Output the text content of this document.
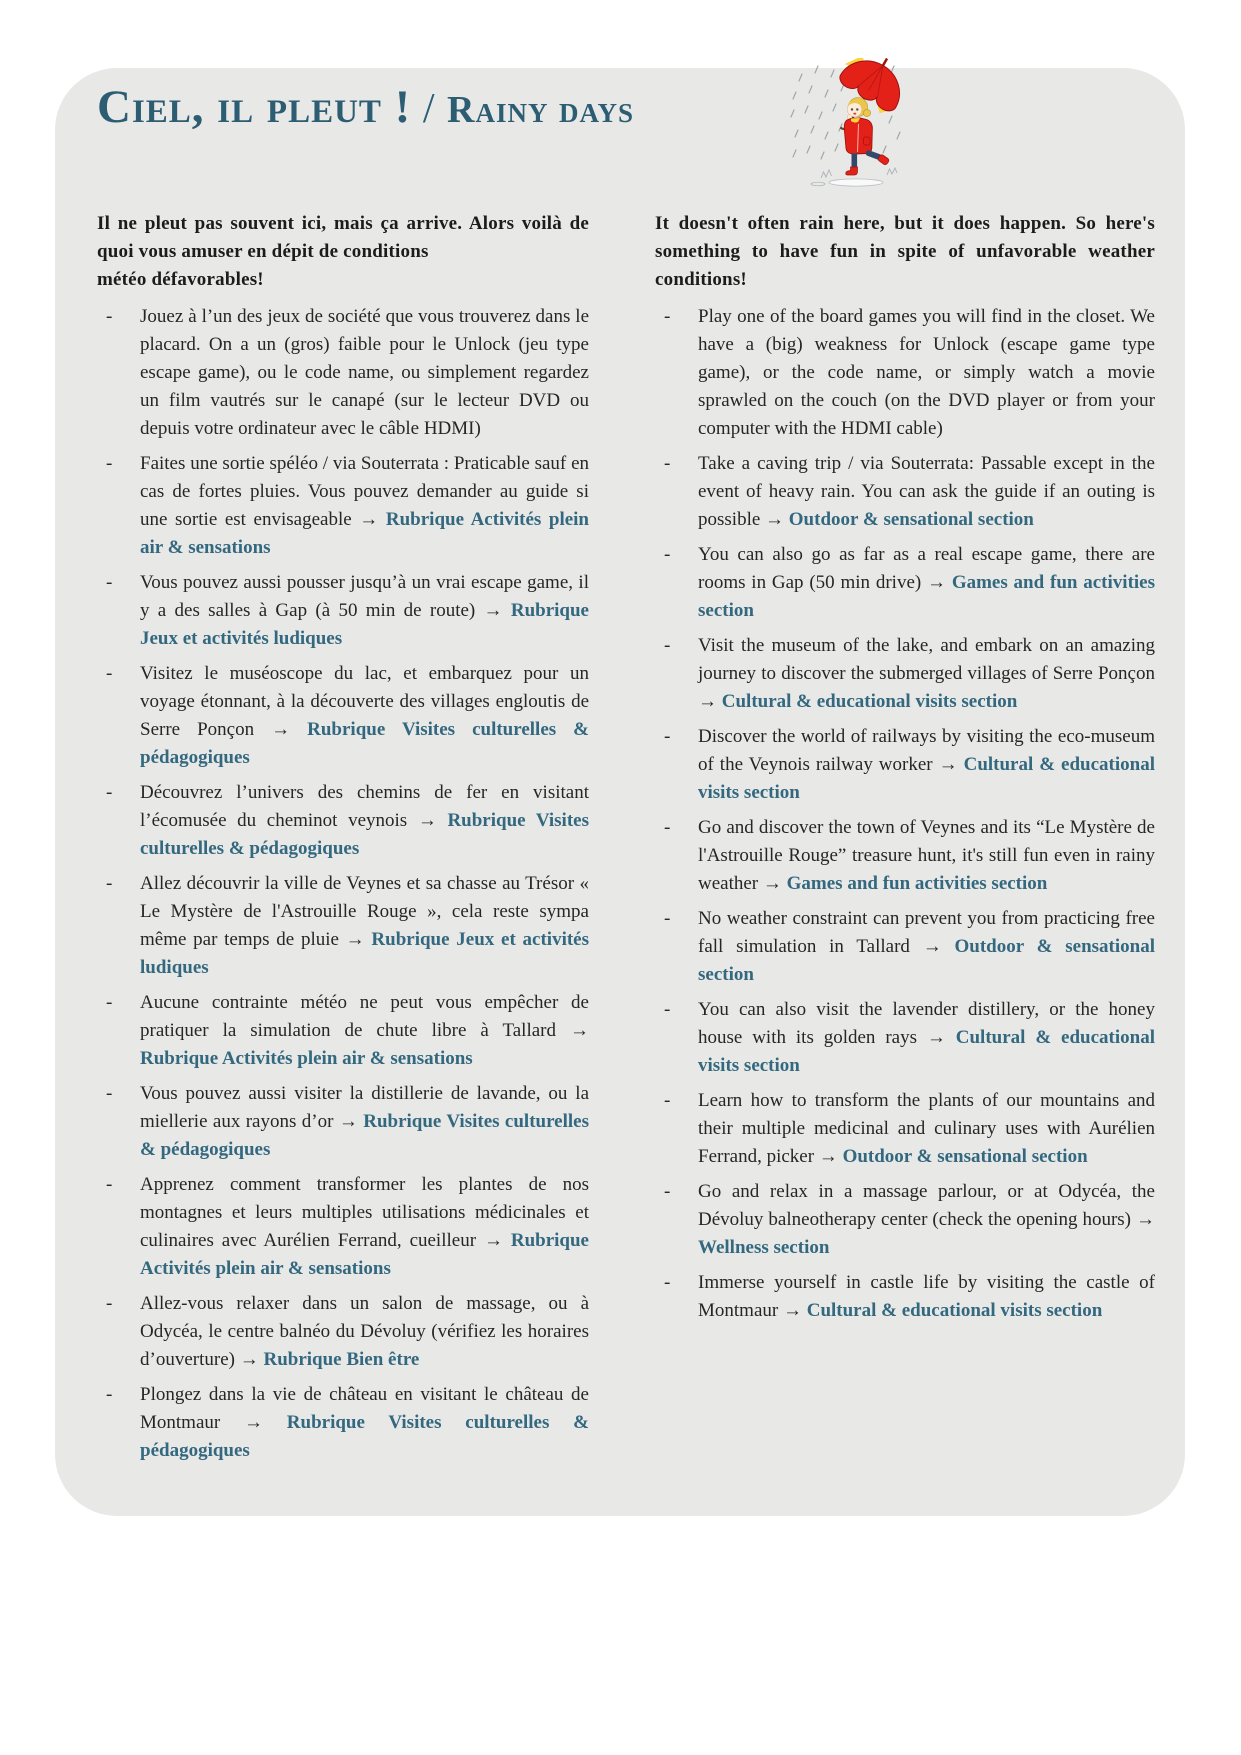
Ciel, il pleut ! / Rainy days

Il ne pleut pas souvent ici, mais ça arrive. Alors voilà de quoi vous amuser en dépit de conditions
météo défavorables!

- Jouez à l’un des jeux de société que vous trouverez dans le placard. On a un (gros) faible pour le Unlock (jeu type escape game), ou le code name, ou simplement regardez un film vautrés sur le canapé (sur le lecteur DVD ou depuis votre ordinateur avec le câble HDMI)
- Faites une sortie spéléo / via Souterrata : Praticable sauf en cas de fortes pluies. Vous pouvez demander au guide si une sortie est envisageable → Rubrique Activités plein air & sensations
- Vous pouvez aussi pousser jusqu’à un vrai escape game, il y a des salles à Gap (à 50 min de route) → Rubrique Jeux et activités ludiques
- Visitez le muséoscope du lac, et embarquez pour un voyage étonnant, à la découverte des villages engloutis de Serre Ponçon → Rubrique Visites culturelles & pédagogiques
- Découvrez l’univers des chemins de fer en visitant l’écomusée du cheminot veynois → Rubrique Visites culturelles & pédagogiques
- Allez découvrir la ville de Veynes et sa chasse au Trésor « Le Mystère de l'Astrouille Rouge », cela reste sympa même par temps de pluie → Rubrique Jeux et activités ludiques
- Aucune contrainte météo ne peut vous empêcher de pratiquer la simulation de chute libre à Tallard → Rubrique Activités plein air & sensations
- Vous pouvez aussi visiter la distillerie de lavande, ou la miellerie aux rayons d’or → Rubrique Visites culturelles & pédagogiques
- Apprenez comment transformer les plantes de nos montagnes et leurs multiples utilisations médicinales et culinaires avec Aurélien Ferrand, cueilleur → Rubrique Activités plein air & sensations
- Allez-vous relaxer dans un salon de massage, ou à Odycéa, le centre balnéo du Dévoluy (vérifiez les horaires d’ouverture) → Rubrique Bien être
- Plongez dans la vie de château en visitant le château de Montmaur → Rubrique Visites culturelles & pédagogiques

It doesn't often rain here, but it does happen. So here's something to have fun in spite of unfavorable weather conditions!

- Play one of the board games you will find in the closet. We have a (big) weakness for Unlock (escape game type game), or the code name, or simply watch a movie sprawled on the couch (on the DVD player or from your computer with the HDMI cable)
- Take a caving trip / via Souterrata: Passable except in the event of heavy rain. You can ask the guide if an outing is possible → Outdoor & sensational section
- You can also go as far as a real escape game, there are rooms in Gap (50 min drive) → Games and fun activities section
- Visit the museum of the lake, and embark on an amazing journey to discover the submerged villages of Serre Ponçon → Cultural & educational visits section
- Discover the world of railways by visiting the eco-museum of the Veynois railway worker → Cultural & educational visits section
- Go and discover the town of Veynes and its “Le Mystère de l'Astrouille Rouge” treasure hunt, it's still fun even in rainy weather → Games and fun activities section
- No weather constraint can prevent you from practicing free fall simulation in Tallard → Outdoor & sensational section
- You can also visit the lavender distillery, or the honey house with its golden rays → Cultural & educational visits section
- Learn how to transform the plants of our mountains and their multiple medicinal and culinary uses with Aurélien Ferrand, picker → Outdoor & sensational section
- Go and relax in a massage parlour, or at Odycéa, the Dévoluy balneotherapy center (check the opening hours) → Wellness section
- Immerse yourself in castle life by visiting the castle of Montmaur → Cultural & educational visits section
